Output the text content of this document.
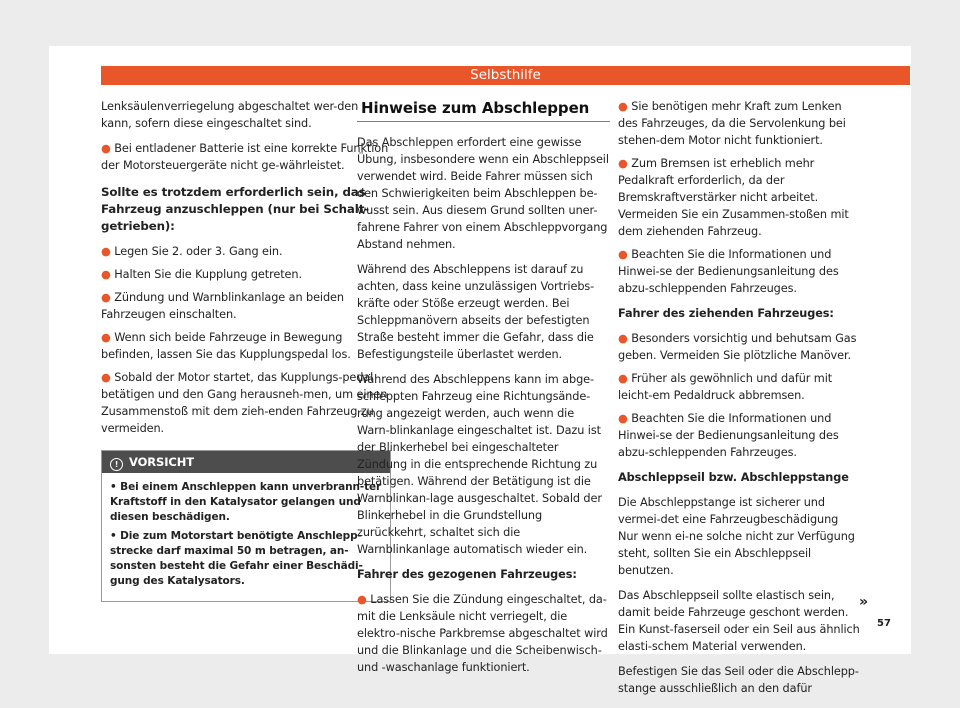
Selbsthilfe

Lenksäulenverriegelung abgeschaltet wer-den kann, sofern diese eingeschaltet sind.

● Bei entladener Batterie ist eine korrekte Funktion der Motorsteuergeräte nicht ge-währleistet.

Sollte es trotzdem erforderlich sein, das Fahrzeug anzuschleppen (nur bei Schalt-getrieben):

● Legen Sie 2. oder 3. Gang ein.

● Halten Sie die Kupplung getreten.

● Zündung und Warnblinkanlage an beiden Fahrzeugen einschalten.

● Wenn sich beide Fahrzeuge in Bewegung befinden, lassen Sie das Kupplungspedal los.

● Sobald der Motor startet, das Kupplungs-pedal betätigen und den Gang herausneh-men, um einen Zusammenstoß mit dem zieh-enden Fahrzeug zu vermeiden.

! VORSICHT
• Bei einem Anschleppen kann unverbrann-ter Kraftstoff in den Katalysator gelangen und diesen beschädigen.
• Die zum Motorstart benötigte Anschlepp-strecke darf maximal 50 m betragen, an-sonsten besteht die Gefahr einer Beschädi-gung des Katalysators.
Hinweise zum Abschleppen

Das Abschleppen erfordert eine gewisse Übung, insbesondere wenn ein Abschleppseil verwendet wird. Beide Fahrer müssen sich den Schwierigkeiten beim Abschleppen be-wusst sein. Aus diesem Grund sollten uner-fahrene Fahrer von einem Abschleppvorgang Abstand nehmen.

Während des Abschleppens ist darauf zu achten, dass keine unzulässigen Vortriebs-kräfte oder Stöße erzeugt werden. Bei Schleppmanövern abseits der befestigten Straße besteht immer die Gefahr, dass die Befestigungsteile überlastet werden.

Während des Abschleppens kann im abge-schleppten Fahrzeug eine Richtungsände-rung angezeigt werden, auch wenn die Warn-blinkanlage eingeschaltet ist. Dazu ist der Blinkerhebel bei eingeschalteter Zündung in die entsprechende Richtung zu betätigen. Während der Betätigung ist die Warnblinkan-lage ausgeschaltet. Sobald der Blinkerhebel in die Grundstellung zurückkehrt, schaltet sich die Warnblinkanlage automatisch wieder ein.

Fahrer des gezogenen Fahrzeuges:

● Lassen Sie die Zündung eingeschaltet, da-mit die Lenksäule nicht verriegelt, die elektro-nische Parkbremse abgeschaltet wird und die Blinkanlage und die Scheibenwisch- und -waschanlage funktioniert.

● Sie benötigen mehr Kraft zum Lenken des Fahrzeuges, da die Servolenkung bei stehen-dem Motor nicht funktioniert.

● Zum Bremsen ist erheblich mehr Pedalkraft erforderlich, da der Bremskraftverstärker nicht arbeitet. Vermeiden Sie ein Zusammen-stoßen mit dem ziehenden Fahrzeug.

● Beachten Sie die Informationen und Hinwei-se der Bedienungsanleitung des abzu-schleppenden Fahrzeuges.

Fahrer des ziehenden Fahrzeuges:

● Besonders vorsichtig und behutsam Gas geben. Vermeiden Sie plötzliche Manöver.

● Früher als gewöhnlich und dafür mit leicht-em Pedaldruck abbremsen.

● Beachten Sie die Informationen und Hinwei-se der Bedienungsanleitung des abzu-schleppenden Fahrzeuges.

Abschleppseil bzw. Abschleppstange

Die Abschleppstange ist sicherer und vermei-det eine Fahrzeugbeschädigung Nur wenn ei-ne solche nicht zur Verfügung steht, sollten Sie ein Abschleppseil benutzen.

Das Abschleppseil sollte elastisch sein, damit beide Fahrzeuge geschont werden. Ein Kunst-faserseil oder ein Seil aus ähnlich elasti-schem Material verwenden.

Befestigen Sie das Seil oder die Abschlepp-stange ausschließlich an den dafür

»
57
